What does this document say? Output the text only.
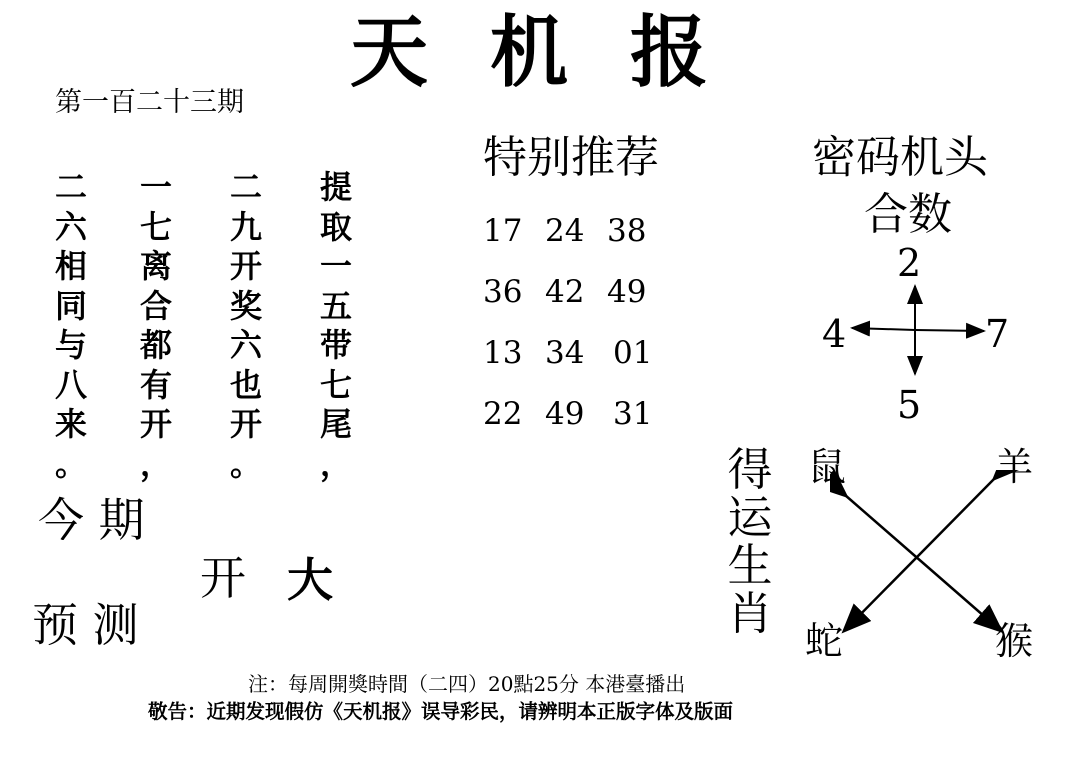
天机报
第一百二十三期
二
六
相
同
与
八
来
。
一
七
离
合
都
有
开
，
二
九
开
奖
六
也
开
。
提
取
一
五
带
七
尾
，
今 期
开 大
预 测
特别推荐
17 24 38
36 42 49
13 34 01
22 49 31
密码机头
合数
2
4	7
5
得
运
生
肖
鼠	羊
蛇	猴
注：每周開獎時間（二四）20點25分 本港臺播出
敬告：近期发现假仿《天机报》误导彩民，请辨明本正版字体及版面
